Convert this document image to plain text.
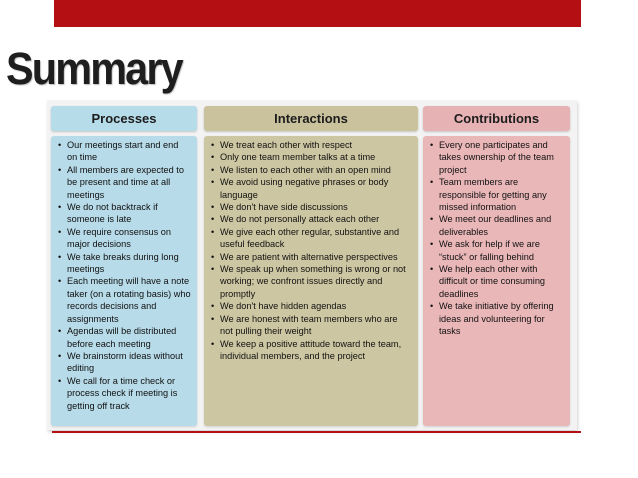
Summary
Processes
• Our meetings start and end on time
• All members are expected to be present and time at all meetings
• We do not backtrack if someone is late
• We require consensus on major decisions
• We take breaks during long meetings
• Each meeting will have a note taker (on a rotating basis) who records decisions and assignments
• Agendas will be distributed before each meeting
• We brainstorm ideas without editing
• We call for a time check or process check if meeting is getting off track
Interactions
• We treat each other with respect
• Only one team member talks at a time
• We listen to each other with an open mind
• We avoid using negative phrases or body language
• We don't have side discussions
• We do not personally attack each other
• We give each other regular, substantive and useful feedback
• We are patient with alternative perspectives
• We speak up when something is wrong or not working; we confront issues directly and promptly
• We don't have hidden agendas
• We are honest with team members who are not pulling their weight
• We keep a positive attitude toward the team, individual members, and the project
Contributions
• Every one participates and takes ownership of the team project
• Team members are responsible for getting any missed information
• We meet our deadlines and deliverables
• We ask for help if we are “stuck” or falling behind
• We help each other with difficult or time consuming deadlines
• We take initiative by offering ideas and volunteering for tasks
